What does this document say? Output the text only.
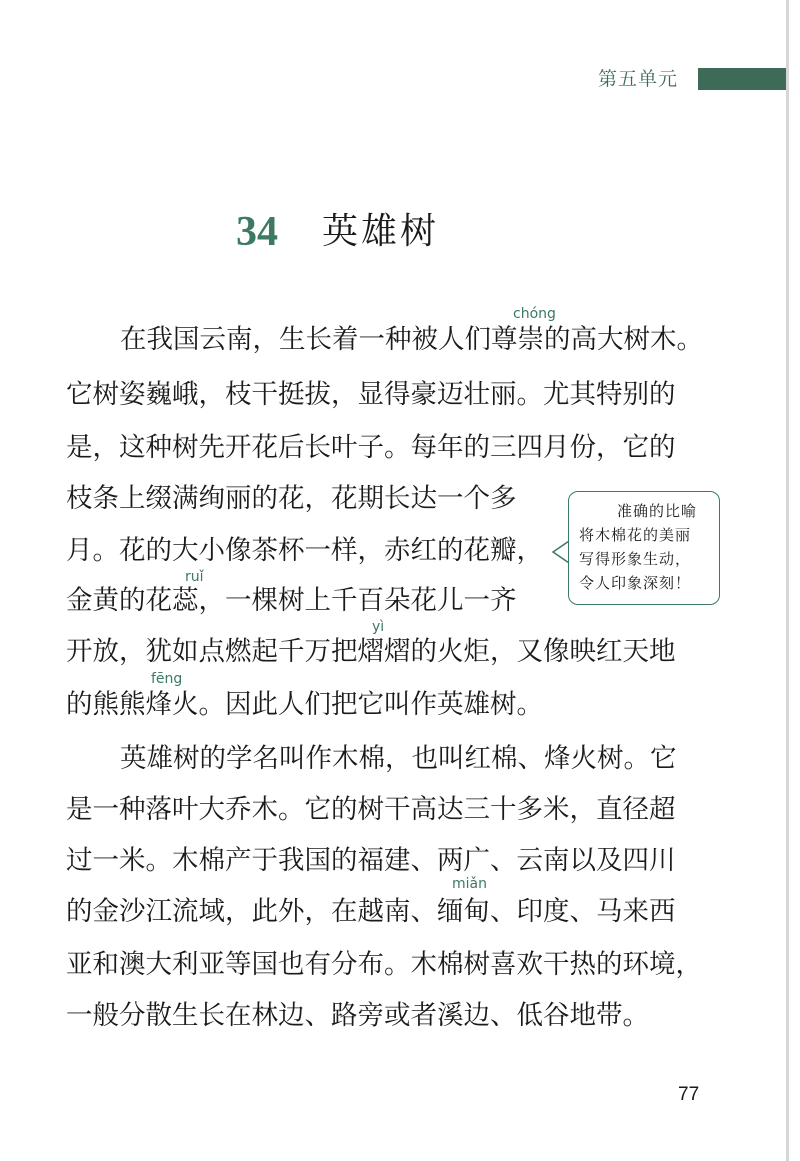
第五单元
34 英雄树
chóng
ruǐ
yì
fēng
miǎn
在我国云南，生长着一种被人们尊崇的高大树木。
它树姿巍峨，枝干挺拔，显得豪迈壮丽。尤其特别的
是，这种树先开花后长叶子。每年的三四月份，它的
枝条上缀满绚丽的花，花期长达一个多
月。花的大小像茶杯一样，赤红的花瓣，
金黄的花蕊，一棵树上千百朵花儿一齐
开放，犹如点燃起千万把熠熠的火炬，又像映红天地
的熊熊烽火。因此人们把它叫作英雄树。
英雄树的学名叫作木棉，也叫红棉、烽火树。它
是一种落叶大乔木。它的树干高达三十多米，直径超
过一米。木棉产于我国的福建、两广、云南以及四川
的金沙江流域，此外，在越南、缅甸、印度、马来西
亚和澳大利亚等国也有分布。木棉树喜欢干热的环境，
一般分散生长在林边、路旁或者溪边、低谷地带。
准确的比喻
将木棉花的美丽
写得形象生动，
令人印象深刻！
77
